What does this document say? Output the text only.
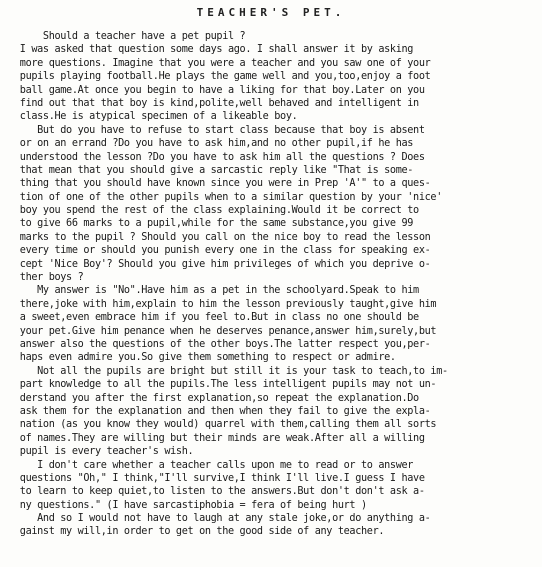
TEACHER'S PET.
Should a teacher have a pet pupil ?
I was asked that question some days ago. I shall answer it by asking
more questions. Imagine that you were a teacher and you saw one of your
pupils playing football.He plays the game well and you,too,enjoy a foot
ball game.At once you begin to have a liking for that boy.Later on you
find out that that boy is kind,polite,well behaved and intelligent in
class.He is atypical specimen of a likeable boy.
But do you have to refuse to start class because that boy is absent
or on an errand ?Do you have to ask him,and no other pupil,if he has
understood the lesson ?Do you have to ask him all the questions ? Does
that mean that you should give a sarcastic reply like "That is some-
thing that you should have known since you were in Prep 'A'" to a ques-
tion of one of the other pupils when to a similar question by your 'nice'
boy you spend the rest of the class explaining.Would it be correct to
to give 66 marks to a pupil,while for the same substance,you give 99
marks to the pupil ? Should you call on the nice boy to read the lesson
every time or should you punish every one in the class for speaking ex-
cept 'Nice Boy'? Should you give him privileges of which you deprive o-
ther boys ?
My answer is "No".Have him as a pet in the schoolyard.Speak to him
there,joke with him,explain to him the lesson previously taught,give him
a sweet,even embrace him if you feel to.But in class no one should be
your pet.Give him penance when he deserves penance,answer him,surely,but
answer also the questions of the other boys.The latter respect you,per-
haps even admire you.So give them something to respect or admire.
Not all the pupils are bright but still it is your task to teach,to im-
part knowledge to all the pupils.The less intelligent pupils may not un-
derstand you after the first explanation,so repeat the explanation.Do
ask them for the explanation and then when they fail to give the expla-
nation (as you know they would) quarrel with them,calling them all sorts
of names.They are willing but their minds are weak.After all a willing
pupil is every teacher's wish.
I don't care whether a teacher calls upon me to read or to answer
questions "Oh," I think,"I'll survive,I think I'll live.I guess I have
to learn to keep quiet,to listen to the answers.But don't don't ask a-
ny questions." (I have sarcastiphobia = fera of being hurt )
And so I would not have to laugh at any stale joke,or do anything a-
gainst my will,in order to get on the good side of any teacher.
